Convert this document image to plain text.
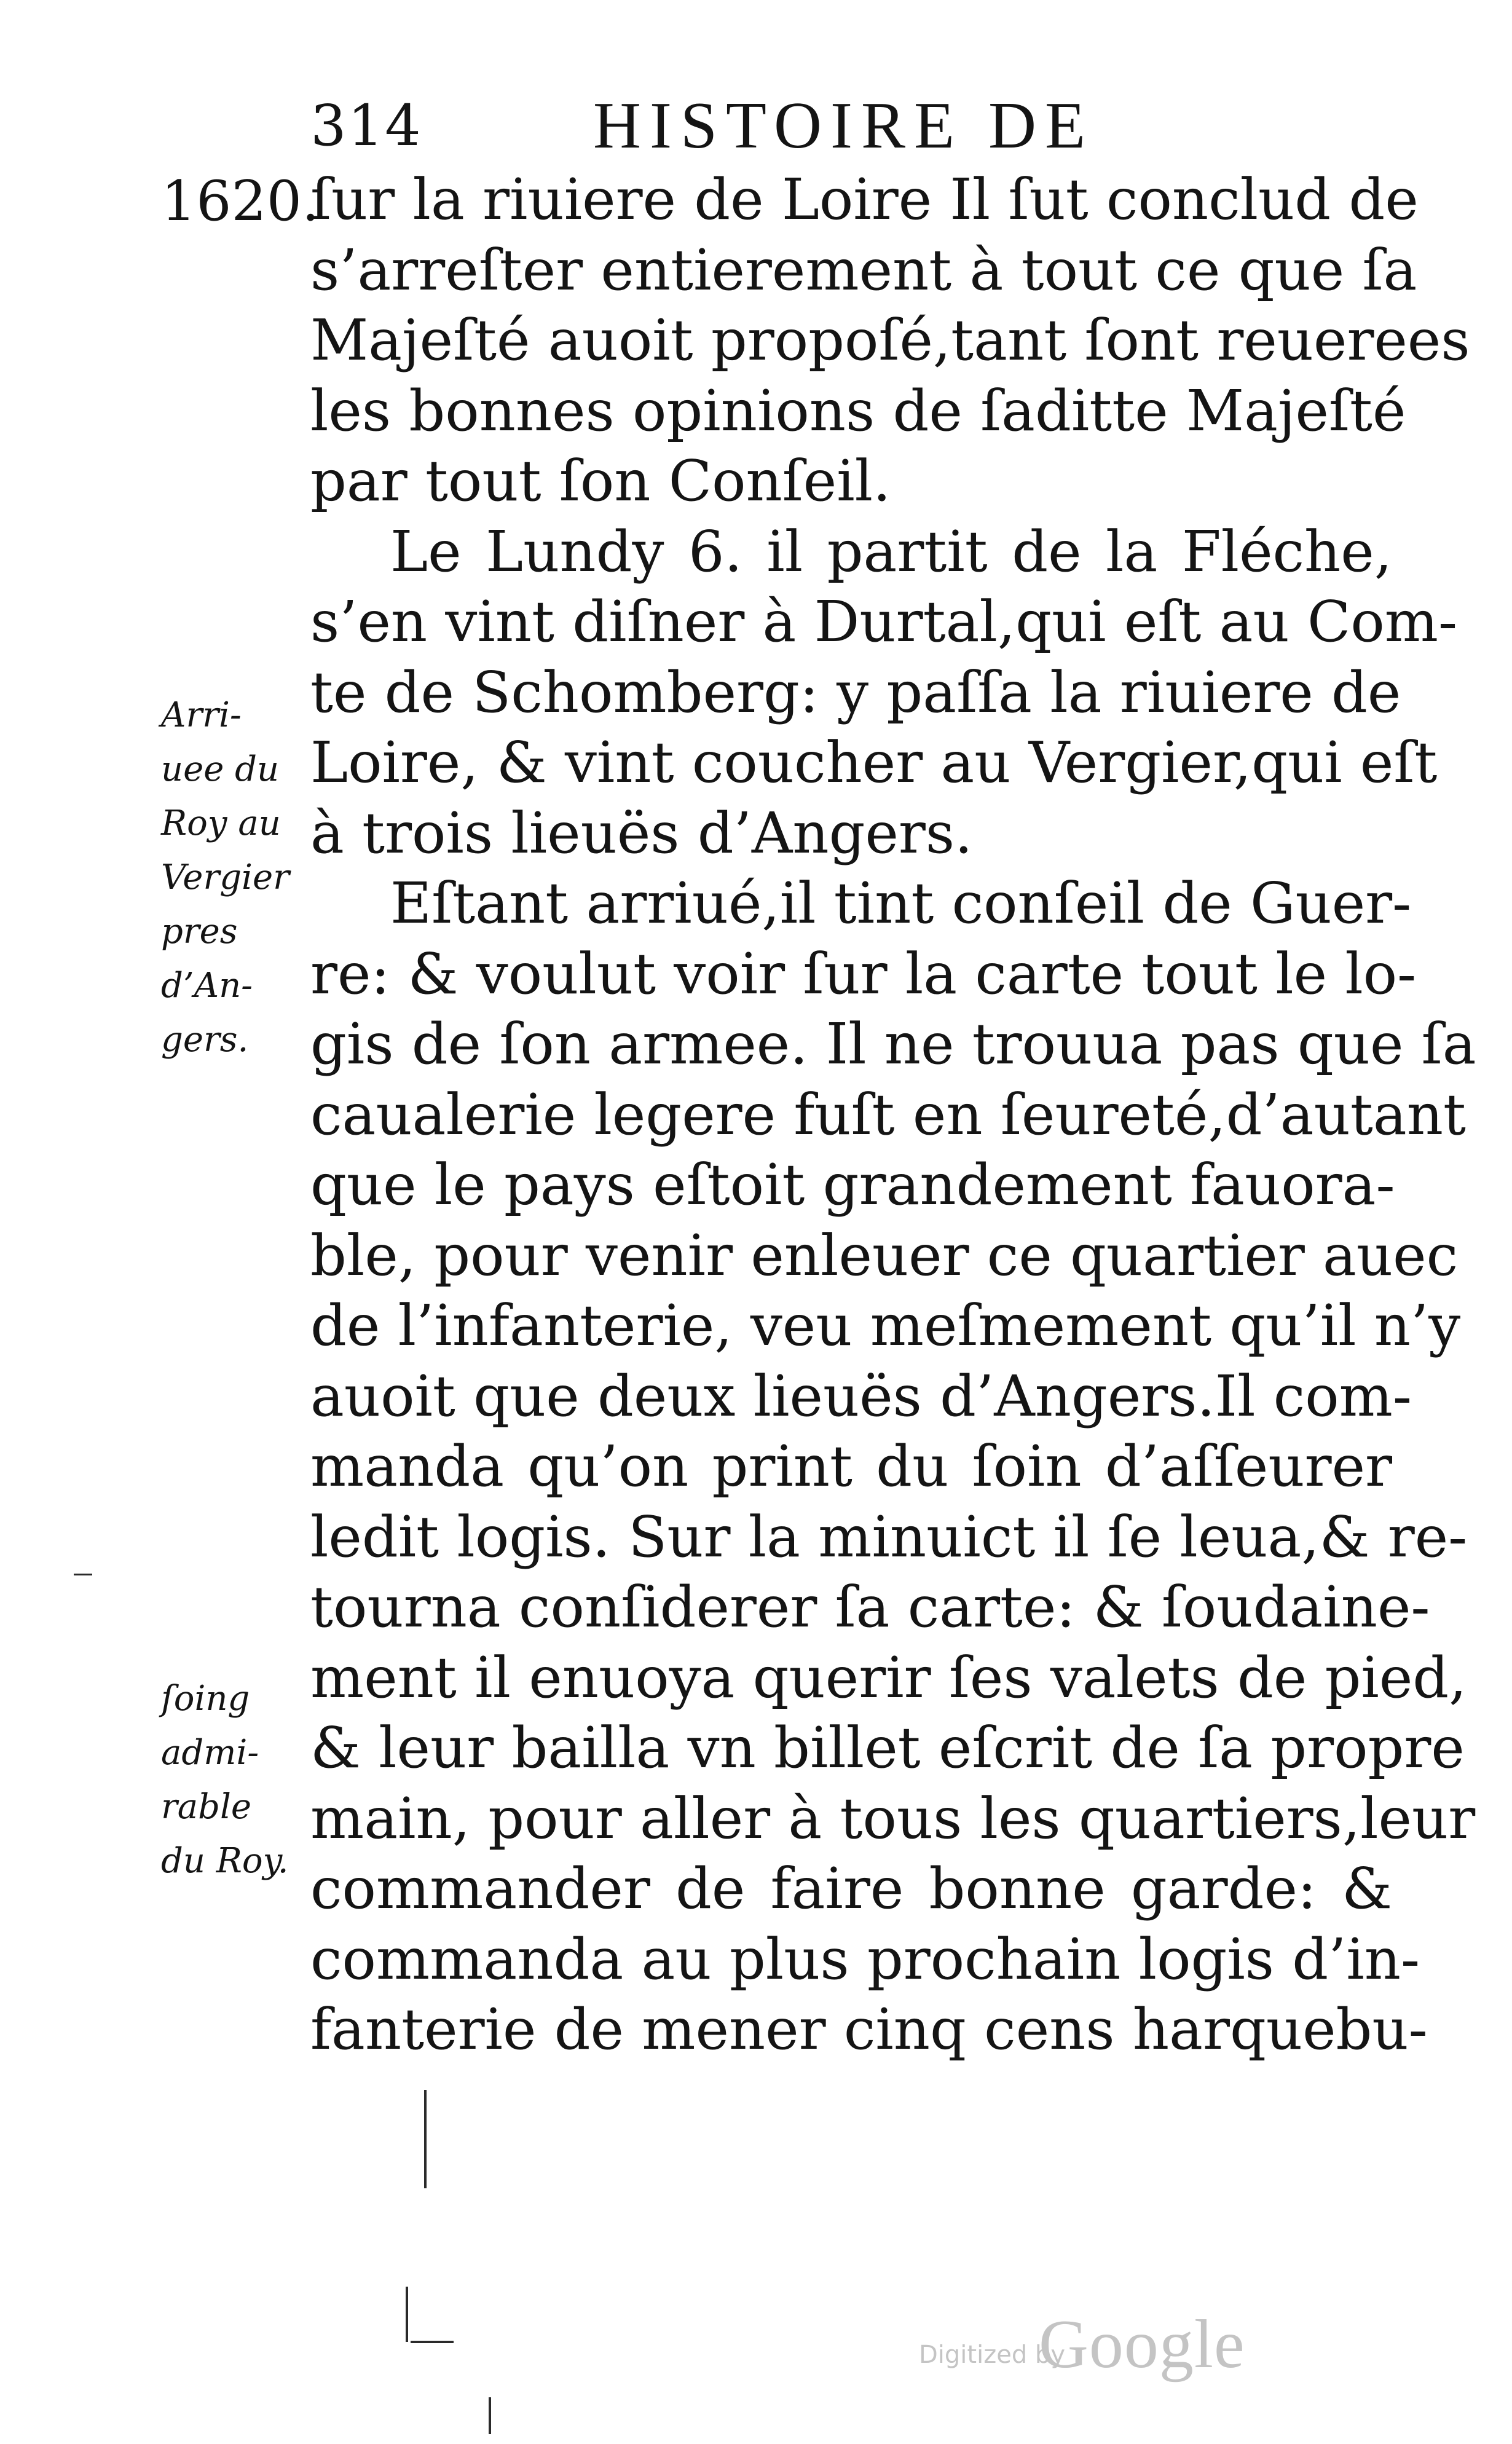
314	HISTOIRE DE
1620.
ſur la riuiere de Loire Il ſut conclud de
s’arreſter entierement à tout ce que ſa
Majeſté auoit propoſé,tant ſont reuerees
les bonnes opinions de ſaditte Majeſté
par tout ſon Conſeil.
Le Lundy 6. il partit de la Fléche,
s’en vint diſner à Durtal,qui eſt au Com-
te de Schomberg: y paſſa la riuiere de
Loire, & vint coucher au Vergier,qui eſt
à trois lieuës d’Angers.
Eſtant arriué,il tint conſeil de Guer-
re: & voulut voir ſur la carte tout le lo-
gis de ſon armee. Il ne trouua pas que ſa
caualerie legere fuſt en ſeureté,d’autant
que le pays eſtoit grandement fauora-
ble, pour venir enleuer ce quartier auec
de l’infanterie, veu meſmement qu’il n’y
auoit que deux lieuës d’Angers.Il com-
manda qu’on print du ſoin d’aſſeurer
ledit logis. Sur la minuict il ſe leua,& re-
tourna conſiderer ſa carte: & ſoudaine-
ment il enuoya querir ſes valets de pied,
& leur bailla vn billet eſcrit de ſa propre
main, pour aller à tous les quartiers,leur
commander de faire bonne garde: &
commanda au plus prochain logis d’in-
fanterie de mener cinq cens harquebu-
Arri-
uee du
Roy au
Vergier
pres
d’An-
gers.
ſoing
admi-
rable
du Roy.
Digitized by
Google
